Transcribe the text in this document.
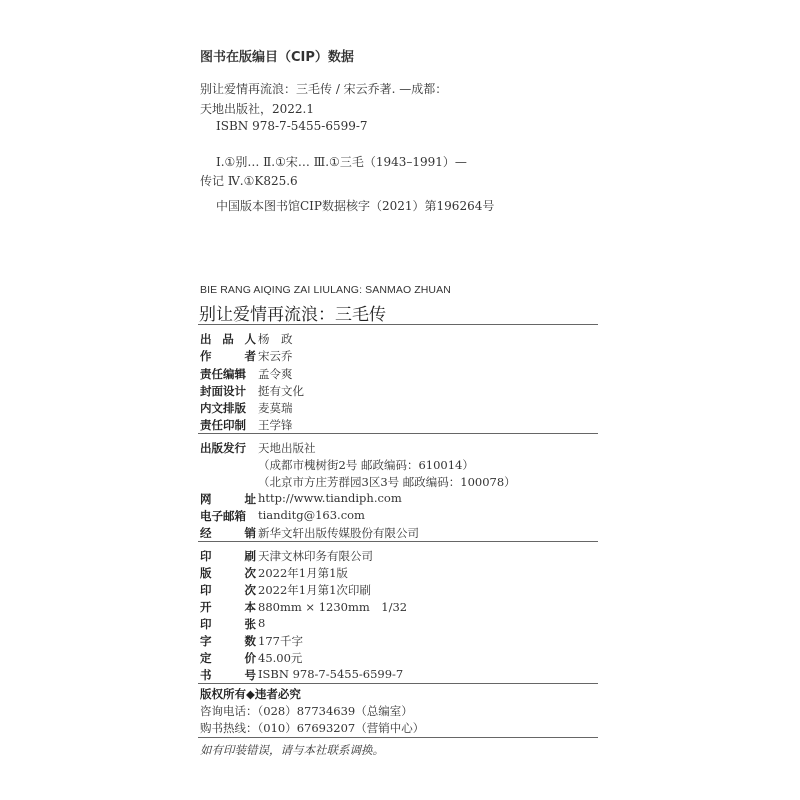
图书在版编目（CIP）数据
别让爱情再流浪：三毛传 / 宋云乔著. —成都：
天地出版社，2022.1
ISBN 978-7-5455-6599-7
Ⅰ.①别… Ⅱ.①宋… Ⅲ.①三毛（1943–1991）—
传记 Ⅳ.①K825.6
中国版本图书馆CIP数据核字（2021）第196264号
BIE RANG AIQING ZAI LIULANG: SANMAO ZHUAN
别让爱情再流浪：三毛传
出品人 杨　政
作　者 宋云乔
责任编辑	孟令爽
封面设计	挺有文化
内文排版	麦莫瑞
责任印制	王学锋
出版发行	天地出版社
（成都市槐树街2号 邮政编码：610014）
（北京市方庄芳群园3区3号 邮政编码：100078）
网　址 http://www.tiandiph.com
电子邮箱	tianditg@163.com
经　销 新华文轩出版传媒股份有限公司
印　刷 天津文林印务有限公司
版　次 2022年1月第1版
印　次 2022年1月第1次印刷
开　本 880mm × 1230mm　1/32
印　张 8
字　数 177千字
定　价 45.00元
书　号 ISBN 978-7-5455-6599-7
版权所有◆违者必究
咨询电话：（028）87734639（总编室）
购书热线：（010）67693207（营销中心）
如有印装错误，请与本社联系调换。
